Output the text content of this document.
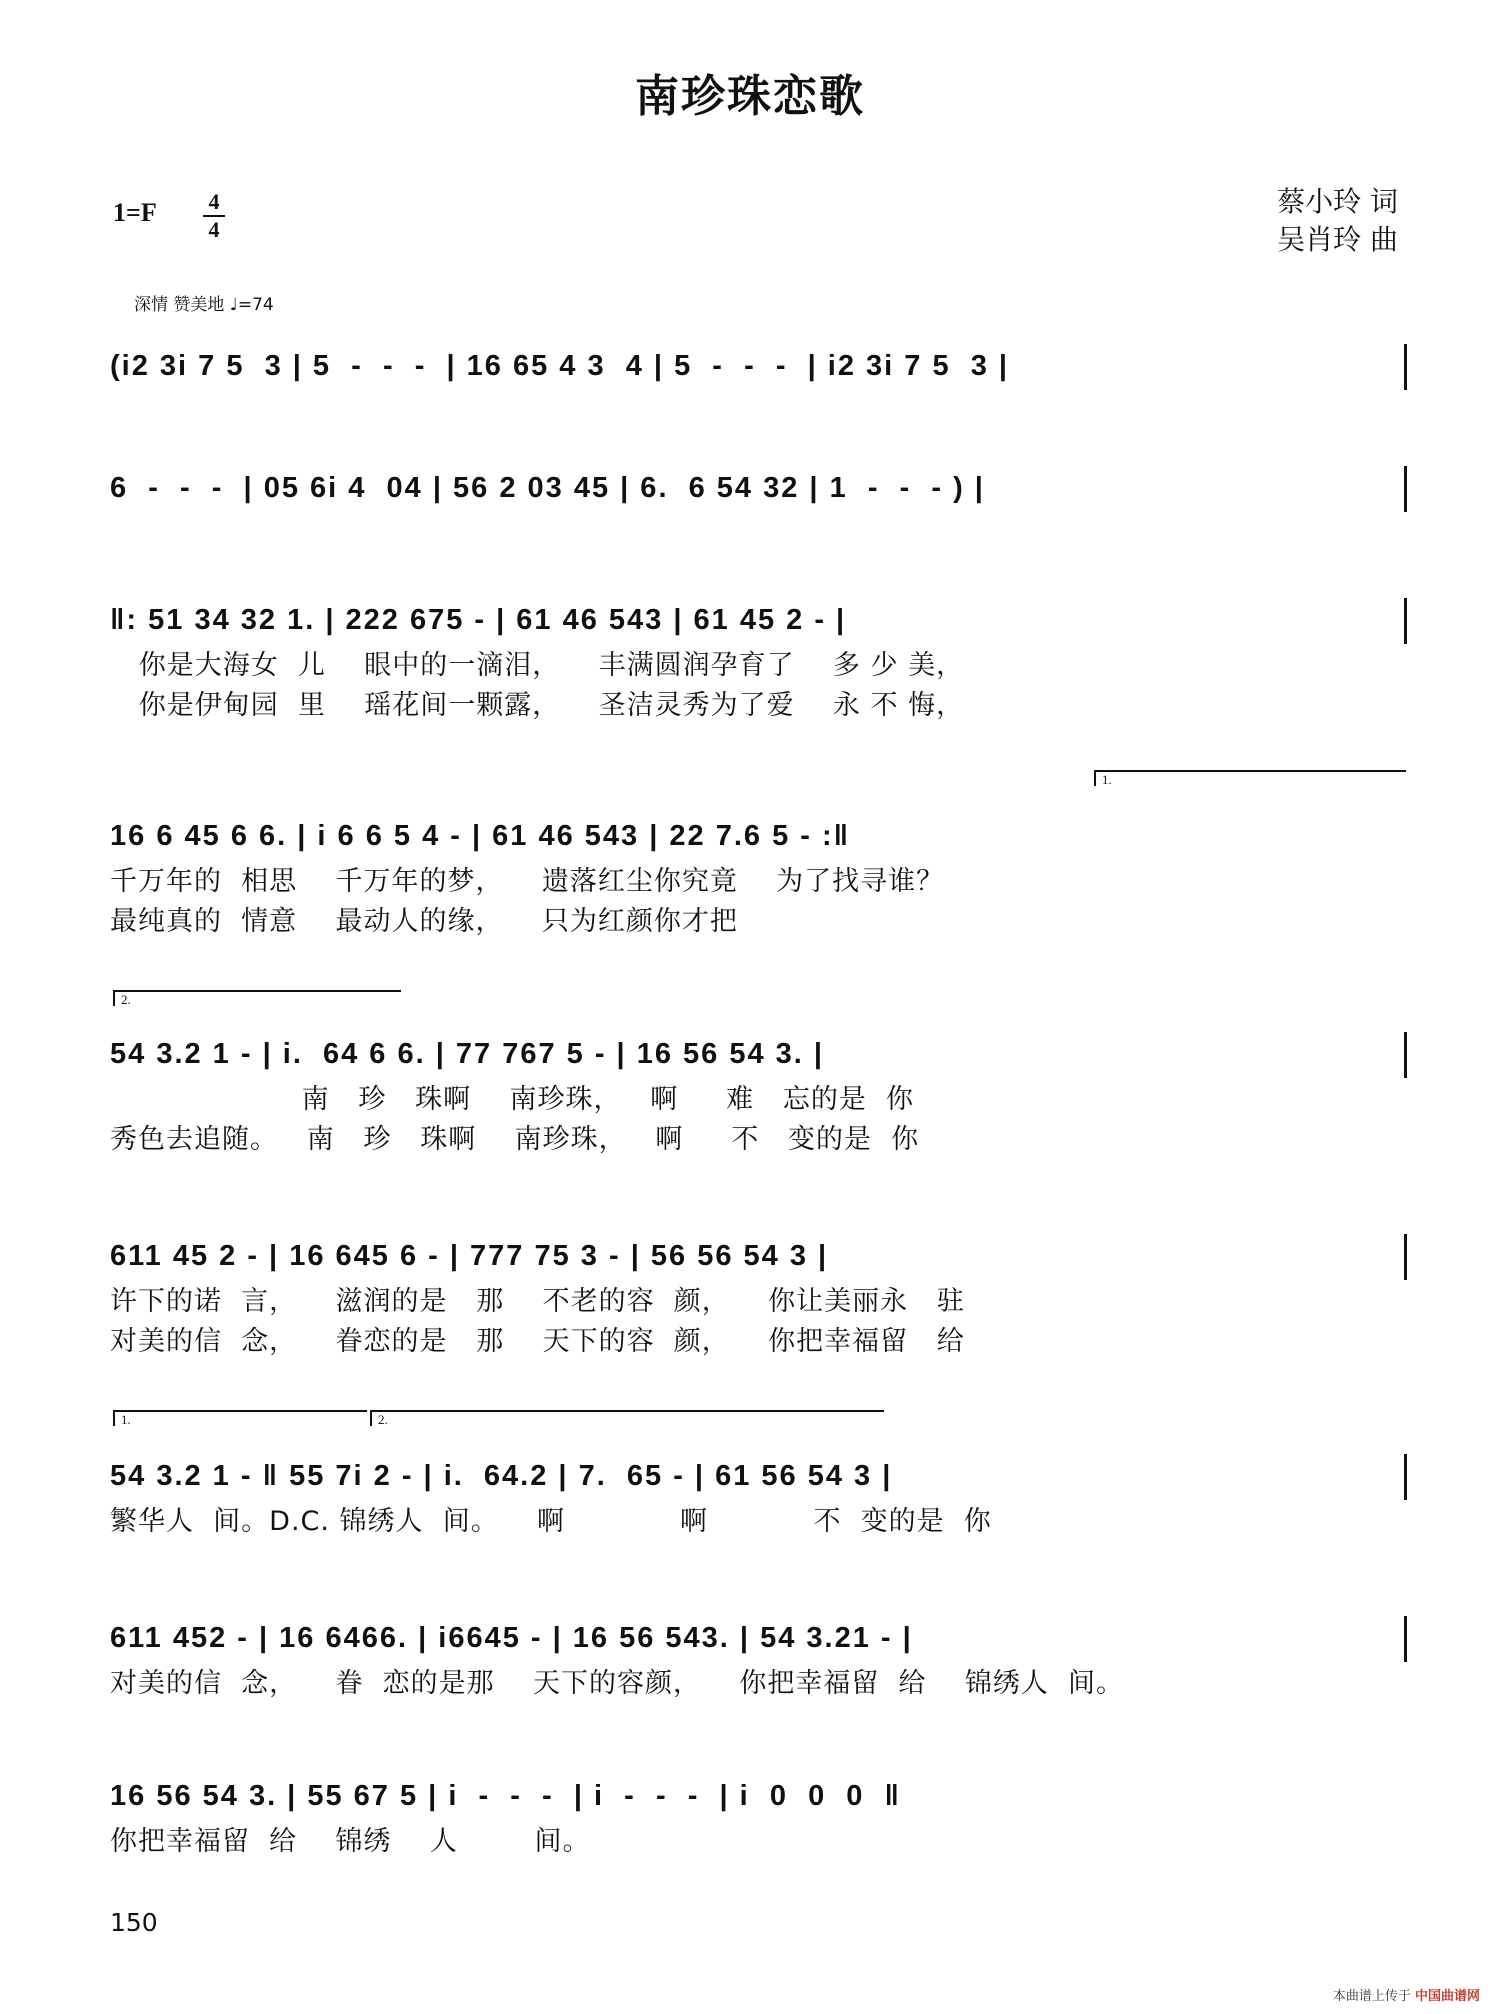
南珍珠恋歌
1=F 4
4
蔡小玲 词
吴肖玲 曲
深情 赞美地 ♩=74
(i2 3i 7 5  3 | 5  -  -  -  | 16 65 4 3  4 | 5  -  -  -  | i2 3i 7 5  3 |
6  -  -  -  | 05 6i 4  04 | 56 2 03 45 | 6.  6 54 32 | 1  -  -  - ) |
‖: 51 34 32 1. | 222 675 - | 61 46 543 | 61 45 2 - |
你是大海女  儿    眼中的一滴泪，    丰满圆润孕育了    多 少 美，
你是伊甸园  里    瑶花间一颗露，    圣洁灵秀为了爱    永 不 悔，
1.
16 6 45 6 6. | i 6 6 5 4 - | 61 46 543 | 22 7.6 5 - :‖
千万年的  相思    千万年的梦，    遗落红尘你究竟    为了找寻谁？
最纯真的  情意    最动人的缘，    只为红颜你才把
2.
54 3.2 1 - | i.  64 6 6. | 77 767 5 - | 16 56 54 3. |
南   珍   珠啊    南珍珠，   啊     难   忘的是  你
秀色去追随。   南   珍   珠啊    南珍珠，   啊     不   变的是  你
611 45 2 - | 16 645 6 - | 777 75 3 - | 56 56 54 3 |
许下的诺  言，    滋润的是   那    不老的容  颜，    你让美丽永   驻
对美的信  念，    眷恋的是   那    天下的容  颜，    你把幸福留   给
1.	2.
54 3.2 1 - ‖ 55 7i 2 - | i.  64.2 | 7.  65 - | 61 56 54 3 |
繁华人  间。D.C. 锦绣人  间。    啊            啊           不  变的是  你
611 452 - | 16 6466. | i6645 - | 16 56 543. | 54 3.21 - |
对美的信  念，    眷  恋的是那    天下的容颜，    你把幸福留  给    锦绣人  间。
16 56 54 3. | 55 67 5 | i  -  -  -  | i  -  -  -  | i  0  0  0  ‖
你把幸福留  给    锦绣    人        间。
150
本曲谱上传于 中国曲谱网
